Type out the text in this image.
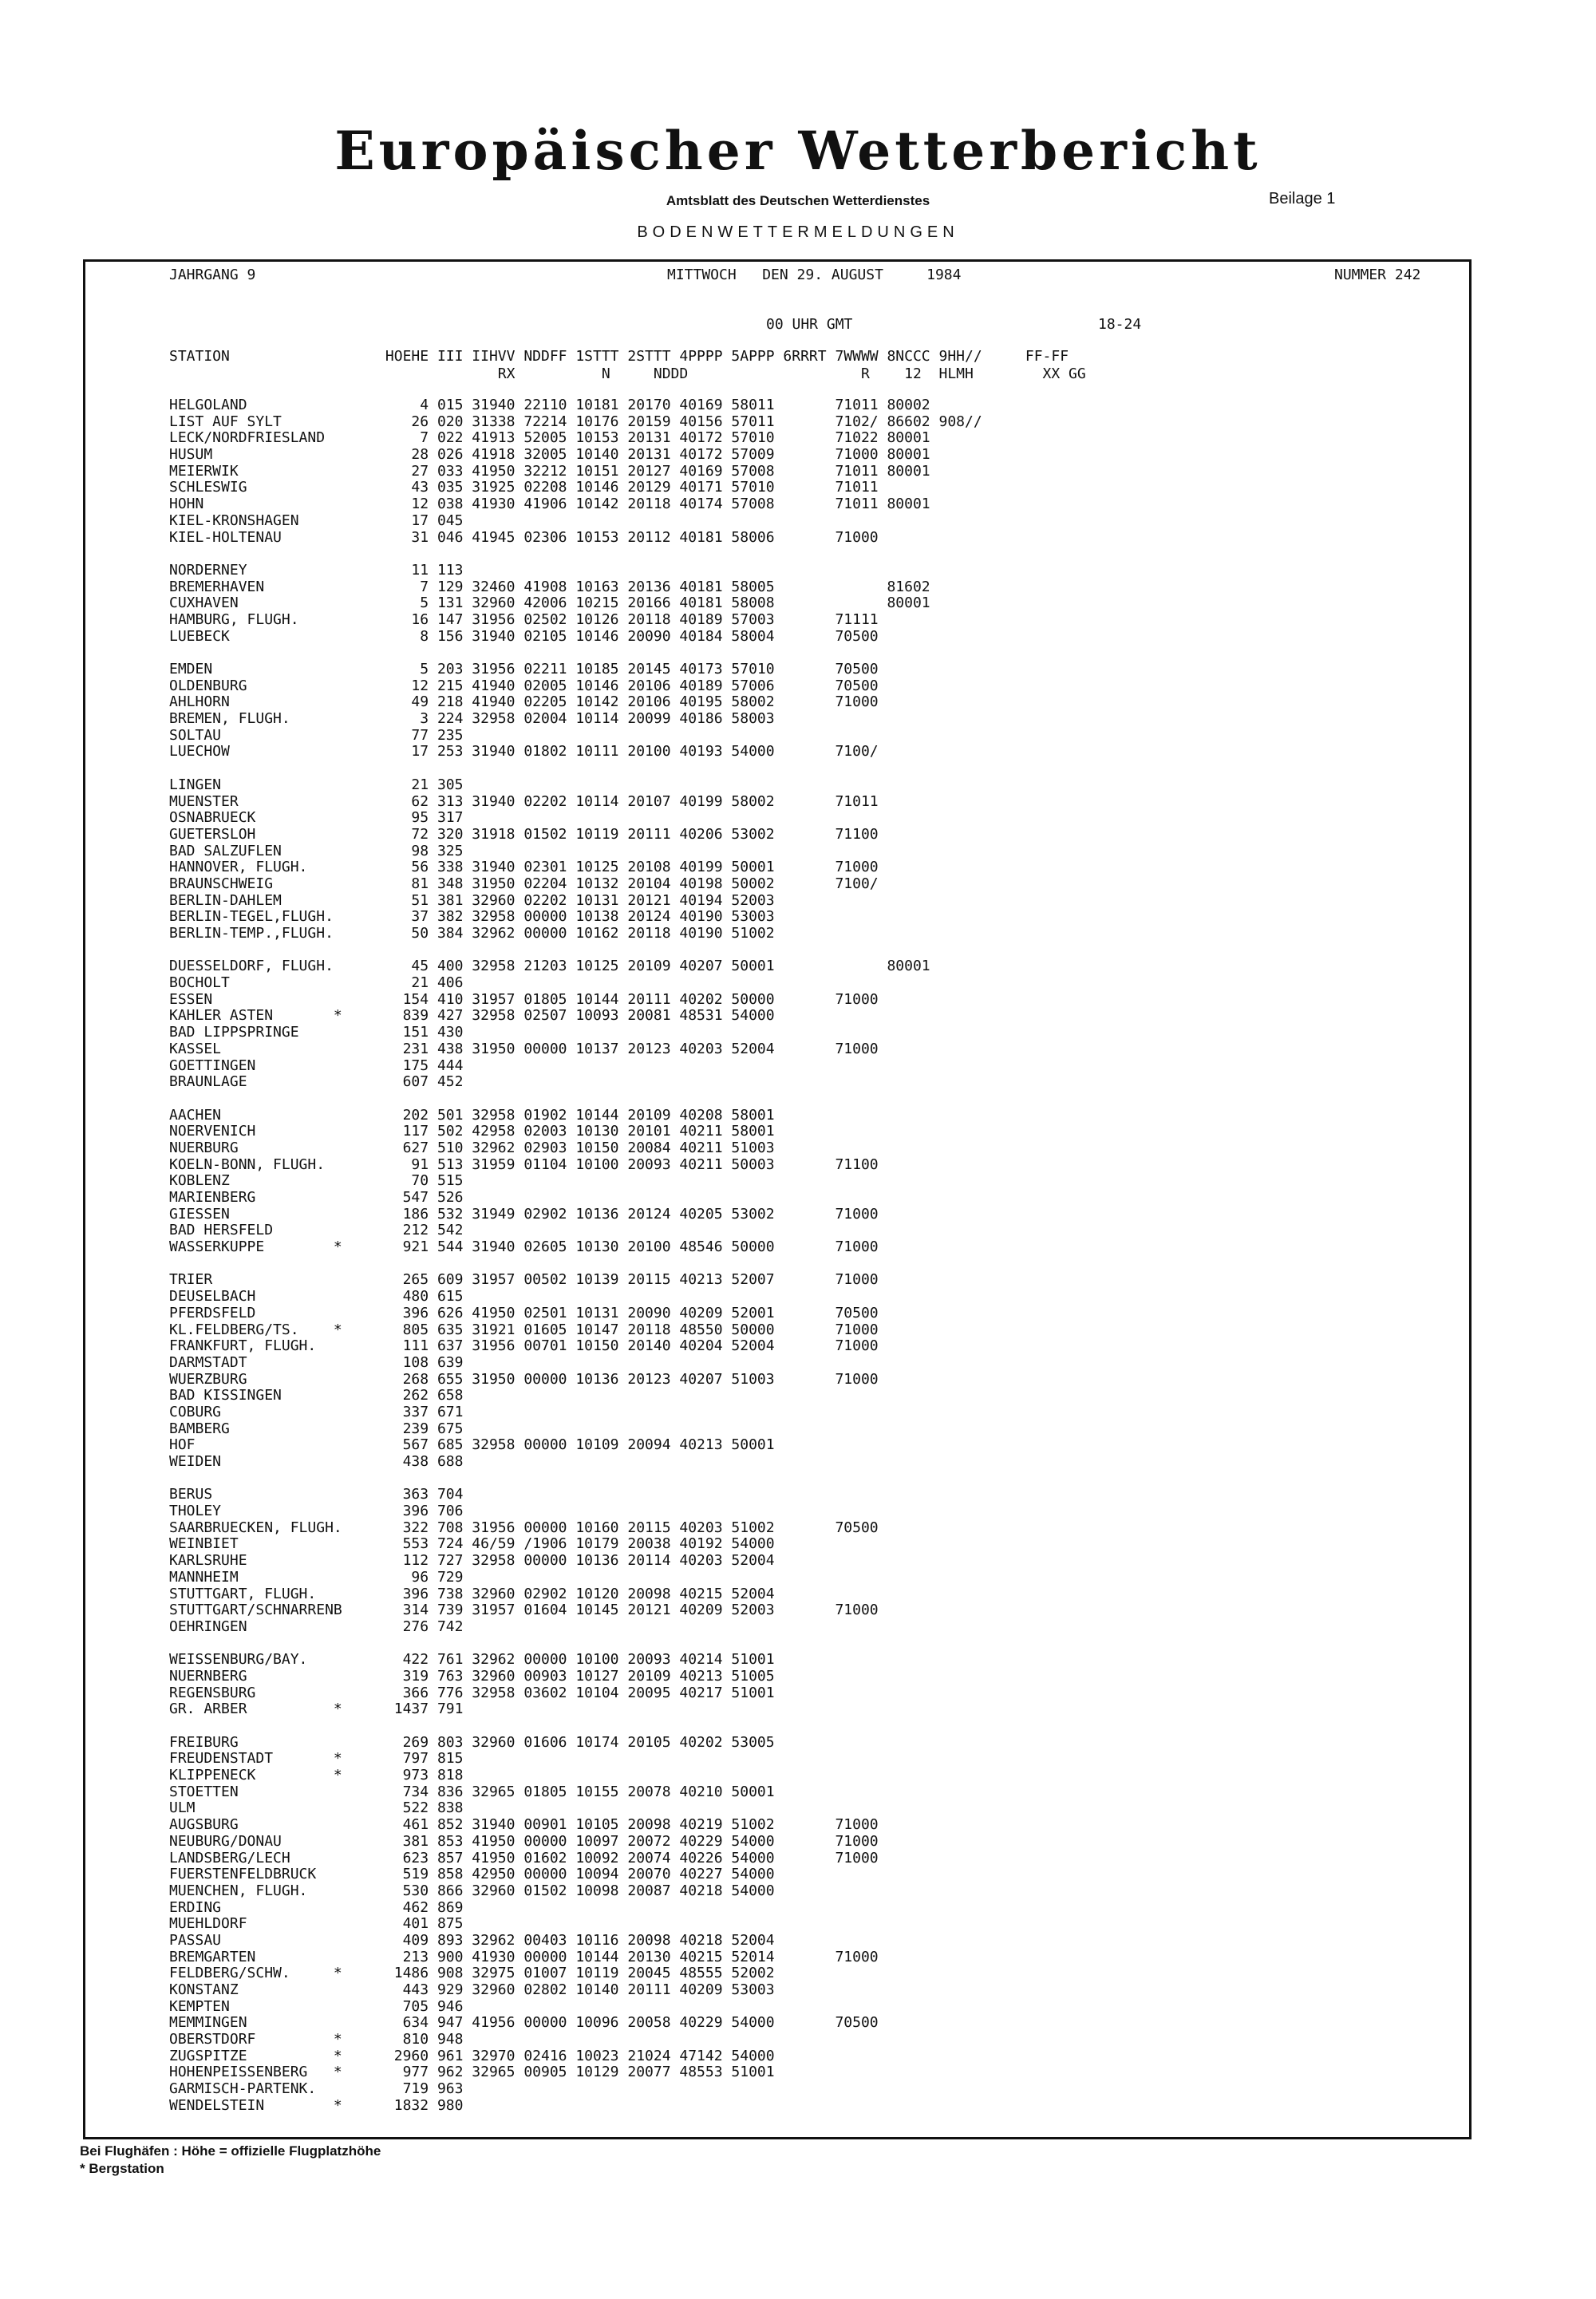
Europäischer Wetterbericht
Amtsblatt des Deutschen Wetterdienstes	Beilage 1
BODENWETTERMELDUNGEN
JAHRGANG 9	MITTWOCH   DEN 29. AUGUST     1984	NUMMER 242
00 UHR GMT	18-24
STATION                  HOEHE III IIHVV NDDFF 1STTT 2STTT 4PPPP 5APPP 6RRRT 7WWWW 8NCCC 9HH//     FF-FF
RX          N     NDDD                    R    12  HLMH        XX GG
HELGOLAND                    4 015 31940 22110 10181 20170 40169 58011       71011 80002
LIST AUF SYLT               26 020 31338 72214 10176 20159 40156 57011       7102/ 86602 908//
LECK/NORDFRIESLAND           7 022 41913 52005 10153 20131 40172 57010       71022 80001
HUSUM                       28 026 41918 32005 10140 20131 40172 57009       71000 80001
MEIERWIK                    27 033 41950 32212 10151 20127 40169 57008       71011 80001
SCHLESWIG                   43 035 31925 02208 10146 20129 40171 57010       71011
HOHN                        12 038 41930 41906 10142 20118 40174 57008       71011 80001
KIEL-KRONSHAGEN             17 045
KIEL-HOLTENAU               31 046 41945 02306 10153 20112 40181 58006       71000
NORDERNEY                   11 113
BREMERHAVEN                  7 129 32460 41908 10163 20136 40181 58005             81602
CUXHAVEN                     5 131 32960 42006 10215 20166 40181 58008             80001
HAMBURG, FLUGH.             16 147 31956 02502 10126 20118 40189 57003       71111
LUEBECK                      8 156 31940 02105 10146 20090 40184 58004       70500
EMDEN                        5 203 31956 02211 10185 20145 40173 57010       70500
OLDENBURG                   12 215 41940 02005 10146 20106 40189 57006       70500
AHLHORN                     49 218 41940 02205 10142 20106 40195 58002       71000
BREMEN, FLUGH.               3 224 32958 02004 10114 20099 40186 58003
SOLTAU                      77 235
LUECHOW                     17 253 31940 01802 10111 20100 40193 54000       7100/
LINGEN                      21 305
MUENSTER                    62 313 31940 02202 10114 20107 40199 58002       71011
OSNABRUECK                  95 317
GUETERSLOH                  72 320 31918 01502 10119 20111 40206 53002       71100
BAD SALZUFLEN               98 325
HANNOVER, FLUGH.            56 338 31940 02301 10125 20108 40199 50001       71000
BRAUNSCHWEIG                81 348 31950 02204 10132 20104 40198 50002       7100/
BERLIN-DAHLEM               51 381 32960 02202 10131 20121 40194 52003
BERLIN-TEGEL,FLUGH.         37 382 32958 00000 10138 20124 40190 53003
BERLIN-TEMP.,FLUGH.         50 384 32962 00000 10162 20118 40190 51002
DUESSELDORF, FLUGH.         45 400 32958 21203 10125 20109 40207 50001             80001
BOCHOLT                     21 406
ESSEN                      154 410 31957 01805 10144 20111 40202 50000       71000
KAHLER ASTEN       *       839 427 32958 02507 10093 20081 48531 54000
BAD LIPPSPRINGE            151 430
KASSEL                     231 438 31950 00000 10137 20123 40203 52004       71000
GOETTINGEN                 175 444
BRAUNLAGE                  607 452
AACHEN                     202 501 32958 01902 10144 20109 40208 58001
NOERVENICH                 117 502 42958 02003 10130 20101 40211 58001
NUERBURG                   627 510 32962 02903 10150 20084 40211 51003
KOELN-BONN, FLUGH.          91 513 31959 01104 10100 20093 40211 50003       71100
KOBLENZ                     70 515
MARIENBERG                 547 526
GIESSEN                    186 532 31949 02902 10136 20124 40205 53002       71000
BAD HERSFELD               212 542
WASSERKUPPE        *       921 544 31940 02605 10130 20100 48546 50000       71000
TRIER                      265 609 31957 00502 10139 20115 40213 52007       71000
DEUSELBACH                 480 615
PFERDSFELD                 396 626 41950 02501 10131 20090 40209 52001       70500
KL.FELDBERG/TS.    *       805 635 31921 01605 10147 20118 48550 50000       71000
FRANKFURT, FLUGH.          111 637 31956 00701 10150 20140 40204 52004       71000
DARMSTADT                  108 639
WUERZBURG                  268 655 31950 00000 10136 20123 40207 51003       71000
BAD KISSINGEN              262 658
COBURG                     337 671
BAMBERG                    239 675
HOF                        567 685 32958 00000 10109 20094 40213 50001
WEIDEN                     438 688
BERUS                      363 704
THOLEY                     396 706
SAARBRUECKEN, FLUGH.       322 708 31956 00000 10160 20115 40203 51002       70500
WEINBIET                   553 724 46/59 /1906 10179 20038 40192 54000
KARLSRUHE                  112 727 32958 00000 10136 20114 40203 52004
MANNHEIM                    96 729
STUTTGART, FLUGH.          396 738 32960 02902 10120 20098 40215 52004
STUTTGART/SCHNARRENB       314 739 31957 01604 10145 20121 40209 52003       71000
OEHRINGEN                  276 742
WEISSENBURG/BAY.           422 761 32962 00000 10100 20093 40214 51001
NUERNBERG                  319 763 32960 00903 10127 20109 40213 51005
REGENSBURG                 366 776 32958 03602 10104 20095 40217 51001
GR. ARBER          *      1437 791
FREIBURG                   269 803 32960 01606 10174 20105 40202 53005
FREUDENSTADT       *       797 815
KLIPPENECK         *       973 818
STOETTEN                   734 836 32965 01805 10155 20078 40210 50001
ULM                        522 838
AUGSBURG                   461 852 31940 00901 10105 20098 40219 51002       71000
NEUBURG/DONAU              381 853 41950 00000 10097 20072 40229 54000       71000
LANDSBERG/LECH             623 857 41950 01602 10092 20074 40226 54000       71000
FUERSTENFELDBRUCK          519 858 42950 00000 10094 20070 40227 54000
MUENCHEN, FLUGH.           530 866 32960 01502 10098 20087 40218 54000
ERDING                     462 869
MUEHLDORF                  401 875
PASSAU                     409 893 32962 00403 10116 20098 40218 52004
BREMGARTEN                 213 900 41930 00000 10144 20130 40215 52014       71000
FELDBERG/SCHW.     *      1486 908 32975 01007 10119 20045 48555 52002
KONSTANZ                   443 929 32960 02802 10140 20111 40209 53003
KEMPTEN                    705 946
MEMMINGEN                  634 947 41956 00000 10096 20058 40229 54000       70500
OBERSTDORF         *       810 948
ZUGSPITZE          *      2960 961 32970 02416 10023 21024 47142 54000
HOHENPEISSENBERG   *       977 962 32965 00905 10129 20077 48553 51001
GARMISCH-PARTENK.          719 963
WENDELSTEIN        *      1832 980
Bei Flughäfen : Höhe = offizielle Flugplatzhöhe
* Bergstation
